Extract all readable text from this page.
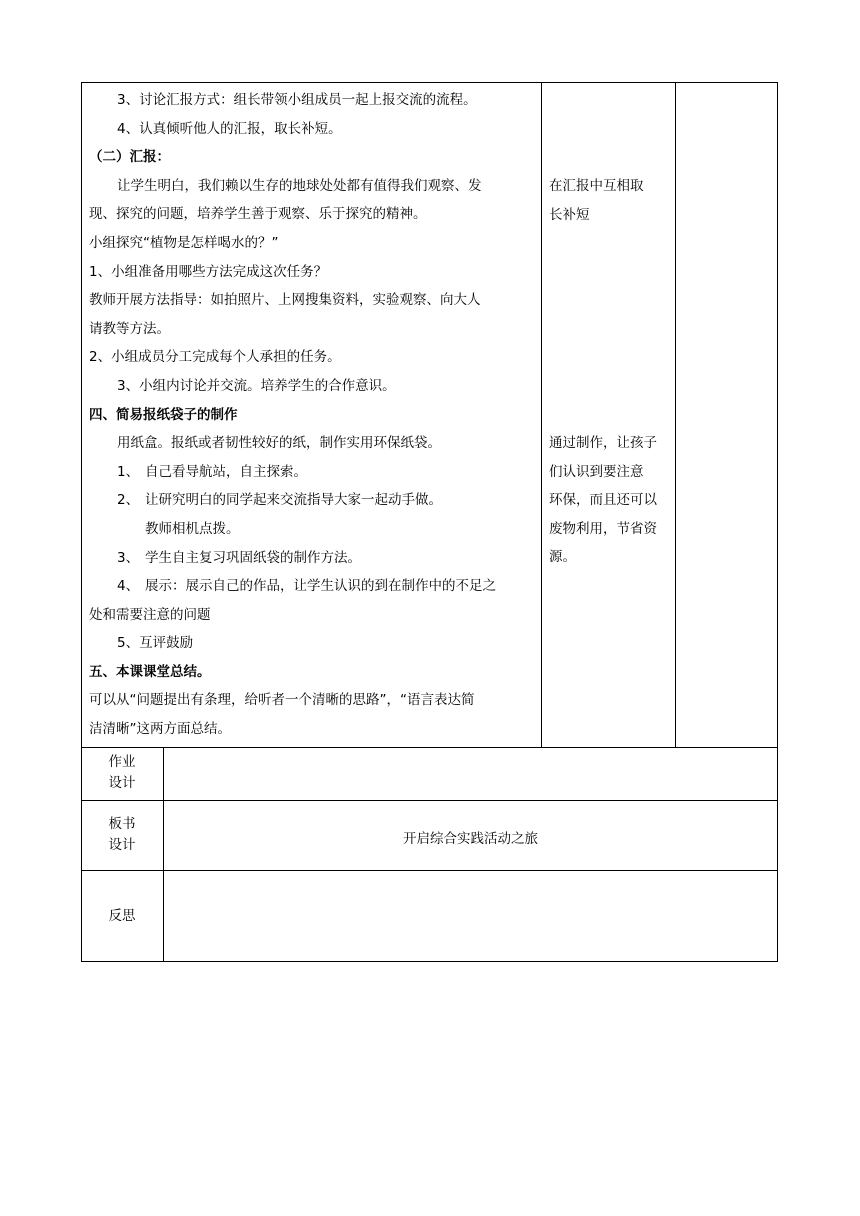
3、讨论汇报方式：组长带领小组成员一起上报交流的流程。
4、认真倾听他人的汇报，取长补短。
（二）汇报：
让学生明白，我们赖以生存的地球处处都有值得我们观察、发
现、探究的问题，培养学生善于观察、乐于探究的精神。
小组探究“植物是怎样喝水的？”
1、小组准备用哪些方法完成这次任务？
教师开展方法指导：如拍照片、上网搜集资料，实验观察、向大人
请教等方法。
2、小组成员分工完成每个人承担的任务。
3、小组内讨论并交流。培养学生的合作意识。
四、简易报纸袋子的制作
用纸盒。报纸或者韧性较好的纸，制作实用环保纸袋。
1、 自己看导航站，自主探索。
2、 让研究明白的同学起来交流指导大家一起动手做。
教师相机点拨。
3、 学生自主复习巩固纸袋的制作方法。
4、 展示：展示自己的作品，让学生认识的到在制作中的不足之
处和需要注意的问题
5、互评鼓励
五、本课课堂总结。
可以从“问题提出有条理，给听者一个清晰的思路”，“语言表达简
洁清晰”这两方面总结。
在汇报中互相取
长补短
通过制作，让孩子
们认识到要注意
环保，而且还可以
废物利用，节省资
源。
作业
设计
板书
设计	开启综合实践活动之旅
反思
